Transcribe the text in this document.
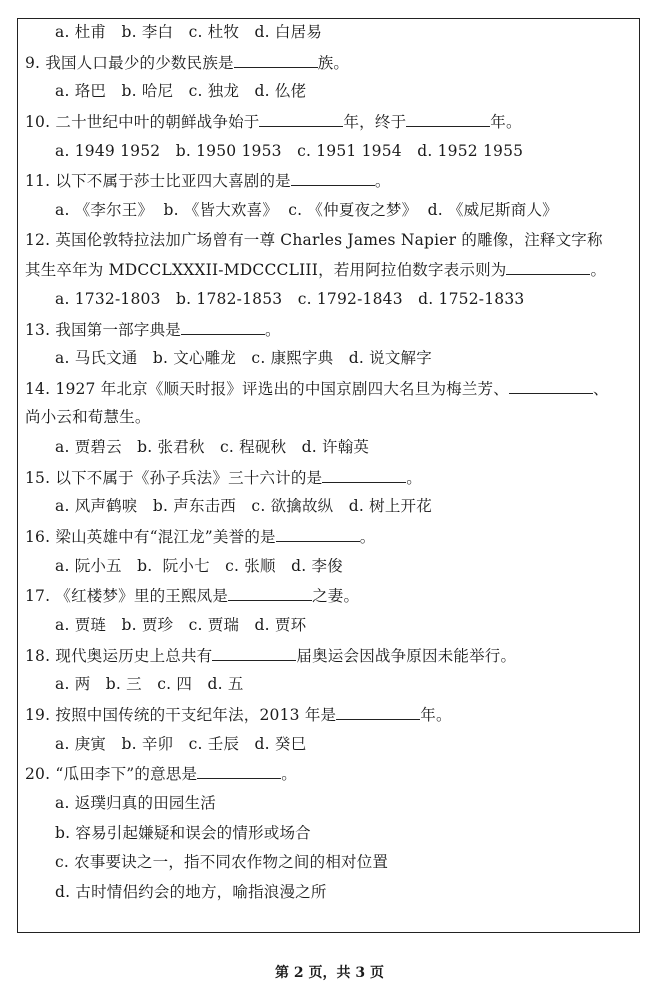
a. 杜甫   b. 李白   c. 杜牧   d. 白居易
9. 我国人口最少的少数民族是	族。
a. 珞巴   b. 哈尼   c. 独龙   d. 仫佬
10. 二十世纪中叶的朝鲜战争始于	年，终于	年。
a. 1949 1952   b. 1950 1953   c. 1951 1954   d. 1952 1955
11. 以下不属于莎士比亚四大喜剧的是	。
a. 《李尔王》  b. 《皆大欢喜》  c. 《仲夏夜之梦》  d. 《威尼斯商人》
12. 英国伦敦特拉法加广场曾有一尊 Charles James Napier 的雕像，注释文字称
其生卒年为 MDCCLXXXII-MDCCCLIII，若用阿拉伯数字表示则为	。
a. 1732-1803   b. 1782-1853   c. 1792-1843   d. 1752-1833
13. 我国第一部字典是	。
a. 马氏文通   b. 文心雕龙   c. 康熙字典   d. 说文解字
14. 1927 年北京《顺天时报》评选出的中国京剧四大名旦为梅兰芳、	、
尚小云和荀慧生。
a. 贾碧云   b. 张君秋   c. 程砚秋   d. 许翰英
15. 以下不属于《孙子兵法》三十六计的是	。
a. 风声鹤唳   b. 声东击西   c. 欲擒故纵   d. 树上开花
16. 梁山英雄中有“混江龙”美誉的是	。
a. 阮小五   b.  阮小七   c. 张顺   d. 李俊
17. 《红楼梦》里的王熙凤是	之妻。
a. 贾琏   b. 贾珍   c. 贾瑞   d. 贾环
18. 现代奥运历史上总共有	届奥运会因战争原因未能举行。
a. 两   b. 三   c. 四   d. 五
19. 按照中国传统的干支纪年法，2013 年是	年。
a. 庚寅   b. 辛卯   c. 壬辰   d. 癸巳
20. “瓜田李下”的意思是	。
a. 返璞归真的田园生活
b. 容易引起嫌疑和误会的情形或场合
c. 农事要诀之一，指不同农作物之间的相对位置
d. 古时情侣约会的地方，喻指浪漫之所
第 2 页，共 3 页
